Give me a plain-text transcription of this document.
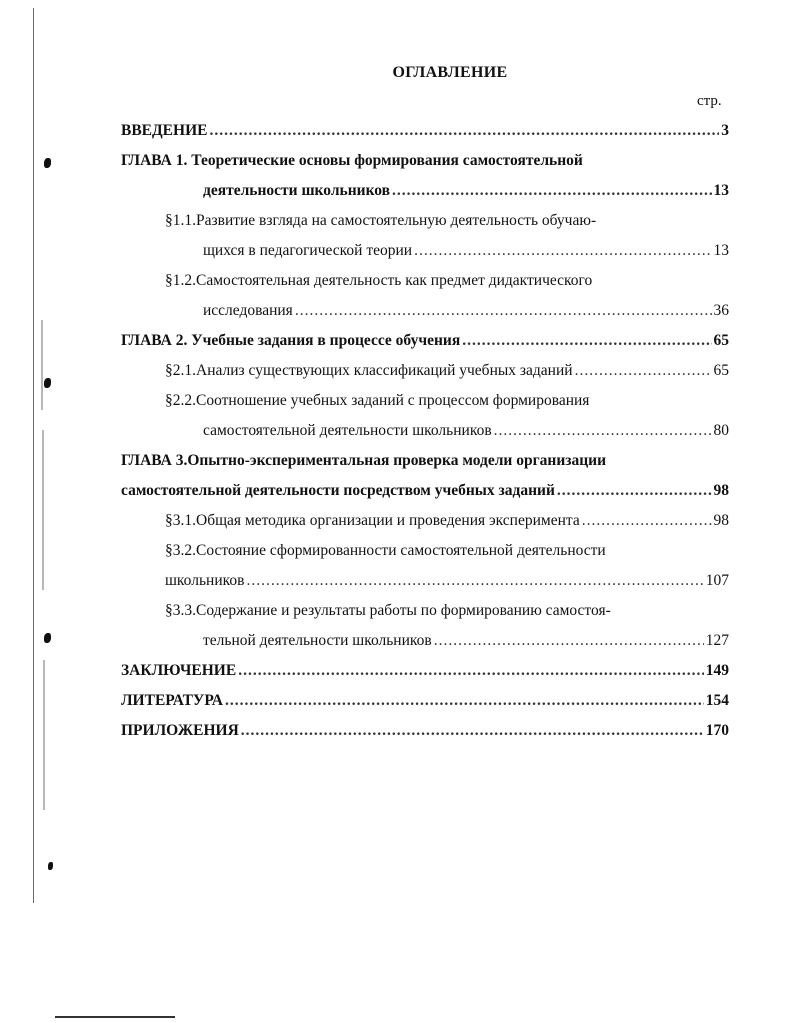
ОГЛАВЛЕНИЕ
стр.
ВВЕДЕНИЕ .....	3
ГЛАВА 1. Теоретические основы формирования самостоятельной
деятельности школьников .....	13
§1.1.Развитие взгляда на самостоятельную деятельность обучаю-
щихся в педагогической теории .....	13
§1.2.Самостоятельная деятельность как предмет дидактического
исследования .....	36
ГЛАВА 2. Учебные задания в процессе обучения .....	65
§2.1.Анализ существующих классификаций учебных заданий .....	65
§2.2.Соотношение учебных заданий с процессом формирования
самостоятельной деятельности школьников .....	80
ГЛАВА 3.Опытно-экспериментальная проверка модели организации
самостоятельной деятельности посредством учебных заданий .....	98
§3.1.Общая методика организации и проведения эксперимента .....	98
§3.2.Состояние сформированности самостоятельной деятельности
школьников .....	107
§3.3.Содержание и результаты работы по формированию самостоя-
тельной деятельности школьников .....	127
ЗАКЛЮЧЕНИЕ .....	149
ЛИТЕРАТУРА .....	154
ПРИЛОЖЕНИЯ .....	170
